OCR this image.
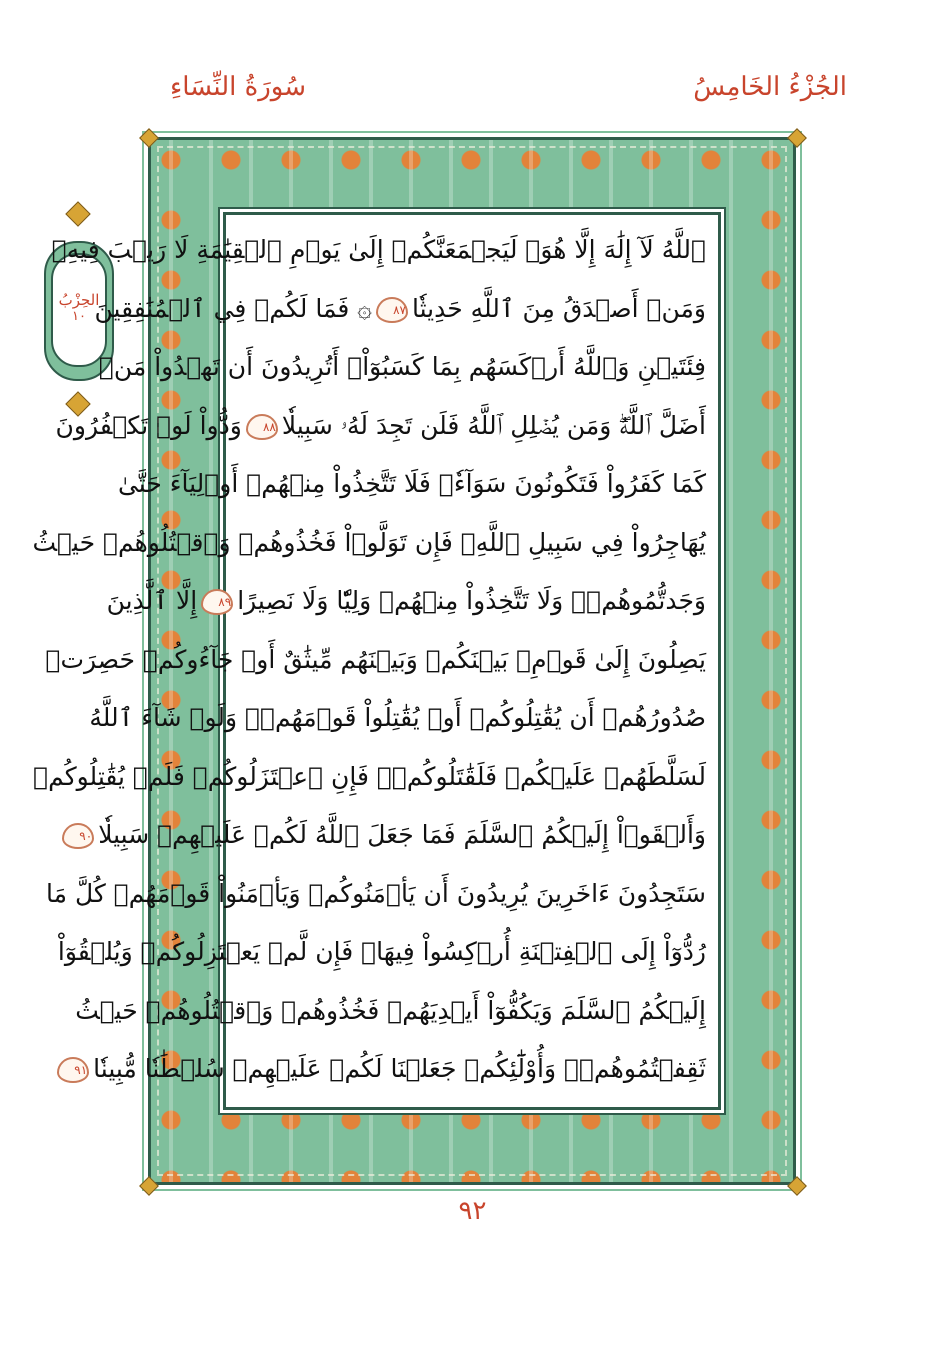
الجُزْءُ الخَامِسُ
سُورَةُ النِّسَاءِ
الحِزْبُ
١٠
ٱللَّهُ لَآ إِلَٰهَ إِلَّا هُوَۚ لَيَجۡمَعَنَّكُمۡ إِلَىٰ يَوۡمِ ٱلۡقِيَٰمَةِ لَا رَيۡبَ فِيهِۗ
وَمَنۡ أَصۡدَقُ مِنَ ٱللَّهِ حَدِيثٗا٨٧۞ فَمَا لَكُمۡ فِي ٱلۡمُنَٰفِقِينَ
فِئَتَيۡنِ وَٱللَّهُ أَرۡكَسَهُم بِمَا كَسَبُوٓاْۚ أَتُرِيدُونَ أَن تَهۡدُواْ مَنۡ
أَضَلَّ ٱللَّهُۖ وَمَن يُضۡلِلِ ٱللَّهُ فَلَن تَجِدَ لَهُۥ سَبِيلٗا٨٨وَدُّواْ لَوۡ تَكۡفُرُونَ
كَمَا كَفَرُواْ فَتَكُونُونَ سَوَآءٗۖ فَلَا تَتَّخِذُواْ مِنۡهُمۡ أَوۡلِيَآءَ حَتَّىٰ
يُهَاجِرُواْ فِي سَبِيلِ ٱللَّهِۚ فَإِن تَوَلَّوۡاْ فَخُذُوهُمۡ وَٱقۡتُلُوهُمۡ حَيۡثُ
وَجَدتُّمُوهُمۡۖ وَلَا تَتَّخِذُواْ مِنۡهُمۡ وَلِيّٗا وَلَا نَصِيرًا٨٩إِلَّا ٱلَّذِينَ
يَصِلُونَ إِلَىٰ قَوۡمِۭ بَيۡنَكُمۡ وَبَيۡنَهُم مِّيثَٰقٌ أَوۡ جَآءُوكُمۡ حَصِرَتۡ
صُدُورُهُمۡ أَن يُقَٰتِلُوكُمۡ أَوۡ يُقَٰتِلُواْ قَوۡمَهُمۡۚ وَلَوۡ شَآءَ ٱللَّهُ
لَسَلَّطَهُمۡ عَلَيۡكُمۡ فَلَقَٰتَلُوكُمۡۚ فَإِنِ ٱعۡتَزَلُوكُمۡ فَلَمۡ يُقَٰتِلُوكُمۡ
وَأَلۡقَوۡاْ إِلَيۡكُمُ ٱلسَّلَمَ فَمَا جَعَلَ ٱللَّهُ لَكُمۡ عَلَيۡهِمۡ سَبِيلٗا٩٠
سَتَجِدُونَ ءَاخَرِينَ يُرِيدُونَ أَن يَأۡمَنُوكُمۡ وَيَأۡمَنُواْ قَوۡمَهُمۡ كُلَّ مَا
رُدُّوٓاْ إِلَى ٱلۡفِتۡنَةِ أُرۡكِسُواْ فِيهَاۚ فَإِن لَّمۡ يَعۡتَزِلُوكُمۡ وَيُلۡقُوٓاْ
إِلَيۡكُمُ ٱلسَّلَمَ وَيَكُفُّوٓاْ أَيۡدِيَهُمۡ فَخُذُوهُمۡ وَٱقۡتُلُوهُمۡ حَيۡثُ
ثَقِفۡتُمُوهُمۡۚ وَأُوْلَٰٓئِكُمۡ جَعَلۡنَا لَكُمۡ عَلَيۡهِمۡ سُلۡطَٰنٗا مُّبِينٗا٩١
٩٢
